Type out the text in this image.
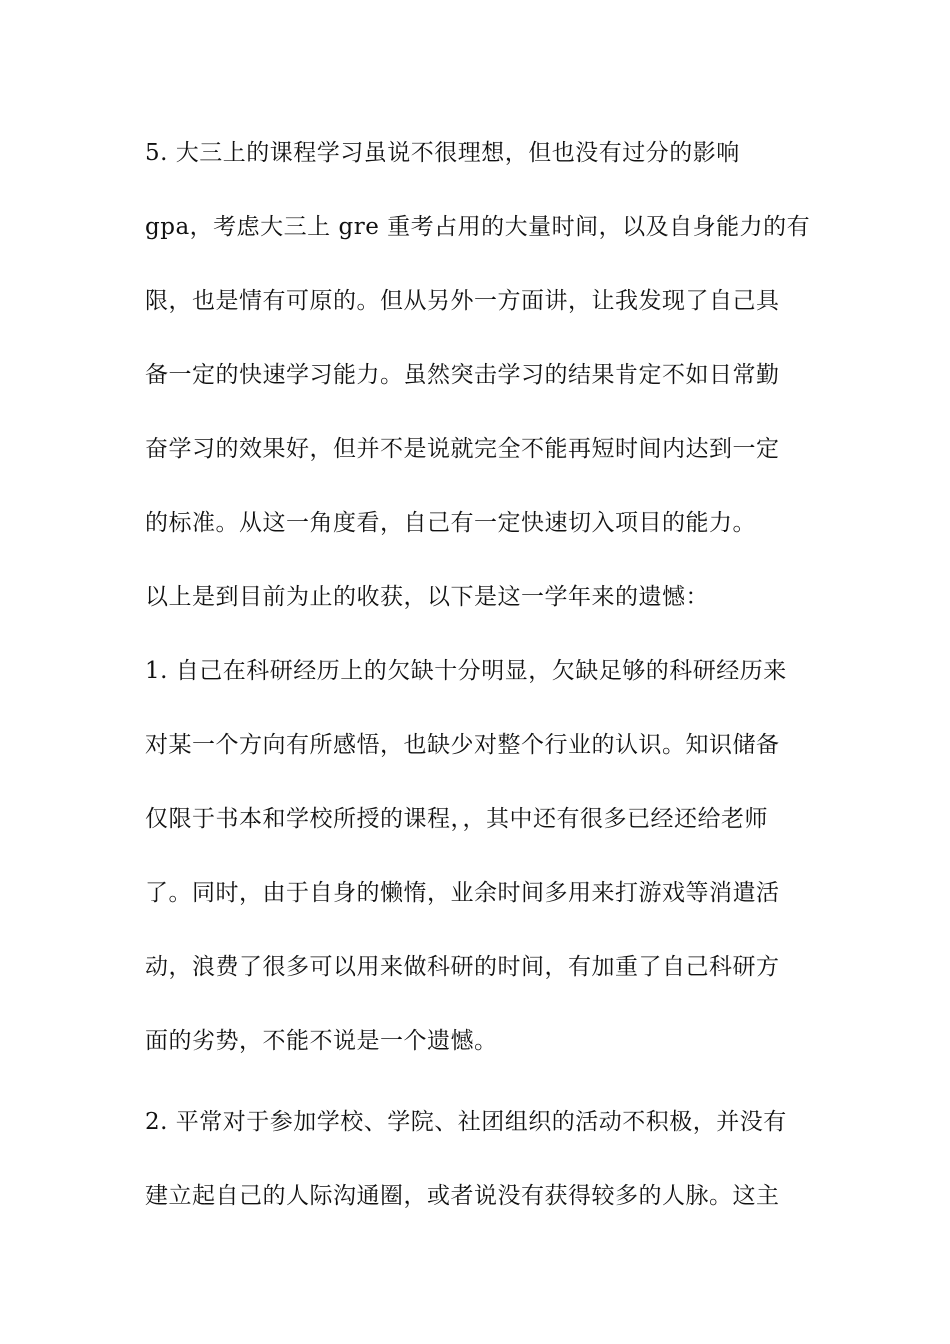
5. 大三上的课程学习虽说不很理想，但也没有过分的影响
gpa，考虑大三上 gre 重考占用的大量时间，以及自身能力的有
限，也是情有可原的。但从另外一方面讲，让我发现了自己具
备一定的快速学习能力。虽然突击学习的结果肯定不如日常勤
奋学习的效果好，但并不是说就完全不能再短时间内达到一定
的标准。从这一角度看，自己有一定快速切入项目的能力。
以上是到目前为止的收获，以下是这一学年来的遗憾：
1. 自己在科研经历上的欠缺十分明显，欠缺足够的科研经历来
对某一个方向有所感悟，也缺少对整个行业的认识。知识储备
仅限于书本和学校所授的课程，，其中还有很多已经还给老师
了。同时，由于自身的懒惰，业余时间多用来打游戏等消遣活
动，浪费了很多可以用来做科研的时间，有加重了自己科研方
面的劣势，不能不说是一个遗憾。
2. 平常对于参加学校、学院、社团组织的活动不积极，并没有
建立起自己的人际沟通圈，或者说没有获得较多的人脉。这主
